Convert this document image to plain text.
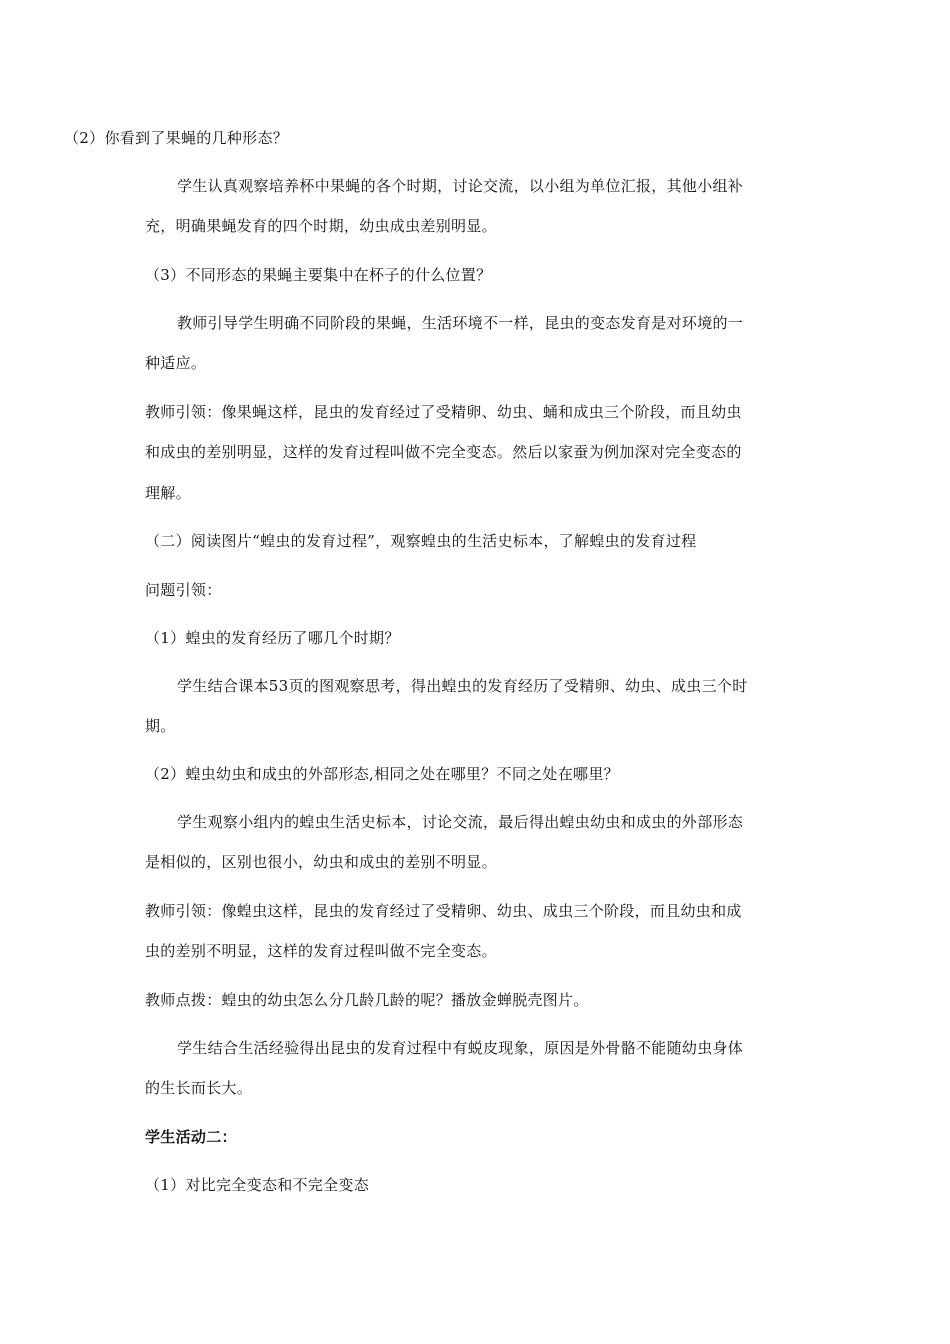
（2）你看到了果蝇的几种形态？
学生认真观察培养杯中果蝇的各个时期，讨论交流，以小组为单位汇报，其他小组补
充，明确果蝇发育的四个时期，幼虫成虫差别明显。
（3）不同形态的果蝇主要集中在杯子的什么位置？
教师引导学生明确不同阶段的果蝇，生活环境不一样，昆虫的变态发育是对环境的一
种适应。
教师引领：像果蝇这样，昆虫的发育经过了受精卵、幼虫、蛹和成虫三个阶段，而且幼虫
和成虫的差别明显，这样的发育过程叫做不完全变态。然后以家蚕为例加深对完全变态的
理解。
（二）阅读图片“蝗虫的发育过程”，观察蝗虫的生活史标本，了解蝗虫的发育过程
问题引领：
（1）蝗虫的发育经历了哪几个时期？
学生结合课本53页的图观察思考，得出蝗虫的发育经历了受精卵、幼虫、成虫三个时
期。
（2）蝗虫幼虫和成虫的外部形态,相同之处在哪里？不同之处在哪里？
学生观察小组内的蝗虫生活史标本，讨论交流，最后得出蝗虫幼虫和成虫的外部形态
是相似的，区别也很小，幼虫和成虫的差别不明显。
教师引领：像蝗虫这样，昆虫的发育经过了受精卵、幼虫、成虫三个阶段，而且幼虫和成
虫的差别不明显，这样的发育过程叫做不完全变态。
教师点拨：蝗虫的幼虫怎么分几龄几龄的呢？播放金蝉脱壳图片。
学生结合生活经验得出昆虫的发育过程中有蜕皮现象，原因是外骨骼不能随幼虫身体
的生长而长大。
学生活动二：
（1）对比完全变态和不完全变态
